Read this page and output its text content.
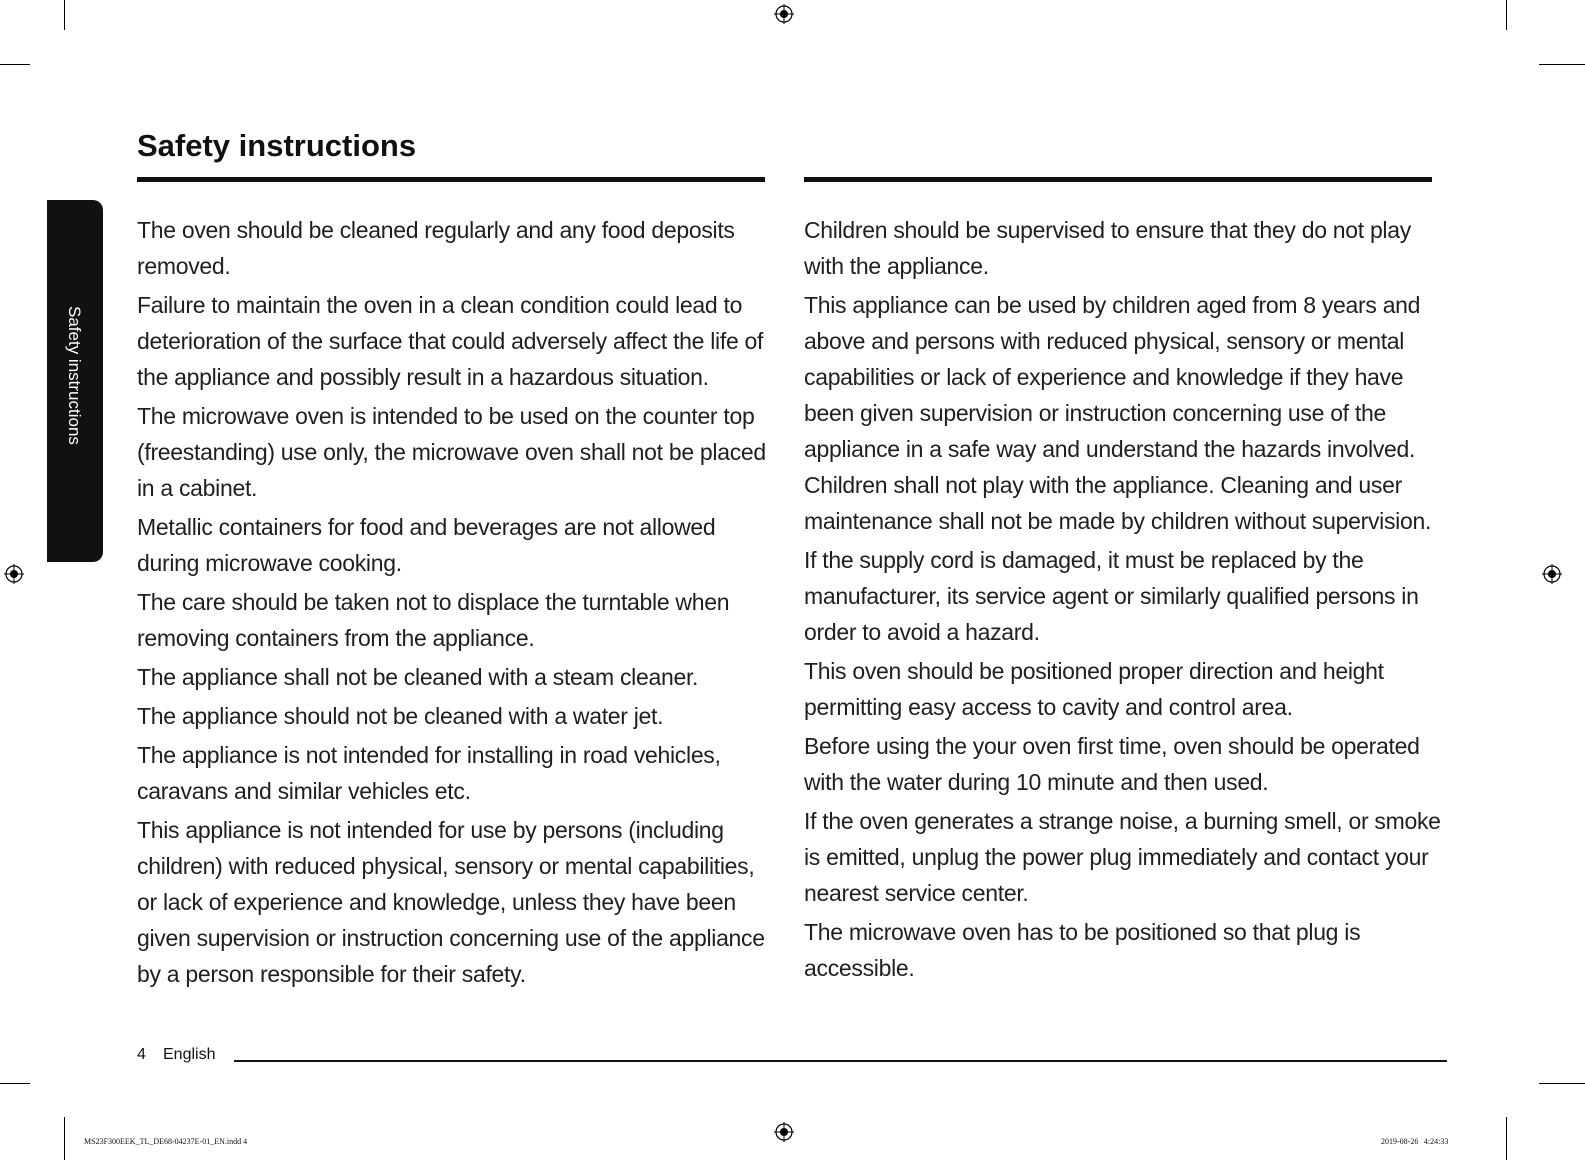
Safety instructions
Safety instructions

The oven should be cleaned regularly and any food deposits removed.

Failure to maintain the oven in a clean condition could lead to deterioration of the surface that could adversely affect the life of the appliance and possibly result in a hazardous situation.

The microwave oven is intended to be used on the counter top (freestanding) use only, the microwave oven shall not be placed in a cabinet.

Metallic containers for food and beverages are not allowed during microwave cooking.

The care should be taken not to displace the turntable when removing containers from the appliance.

The appliance shall not be cleaned with a steam cleaner.

The appliance should not be cleaned with a water jet.

The appliance is not intended for installing in road vehicles, caravans and similar vehicles etc.

This appliance is not intended for use by persons (including children) with reduced physical, sensory or mental capabilities, or lack of experience and knowledge, unless they have been given supervision or instruction concerning use of the appliance by a person responsible for their safety.

Children should be supervised to ensure that they do not play with the appliance.

This appliance can be used by children aged from 8 years and above and persons with reduced physical, sensory or mental capabilities or lack of experience and knowledge if they have been given supervision or instruction concerning use of the appliance in a safe way and understand the hazards involved. Children shall not play with the appliance. Cleaning and user maintenance shall not be made by children without supervision.

If the supply cord is damaged, it must be replaced by the manufacturer, its service agent or similarly qualified persons in order to avoid a hazard.

This oven should be positioned proper direction and height permitting easy access to cavity and control area.

Before using the your oven first time, oven should be operated with the water during 10 minute and then used.

If the oven generates a strange noise, a burning smell, or smoke is emitted, unplug the power plug immediately and contact your nearest service center.

The microwave oven has to be positioned so that plug is accessible.

4 English
MS23F300EEK_TL_DE68-04237E-01_EN.indd 4	2019-08-26   4:24:33
